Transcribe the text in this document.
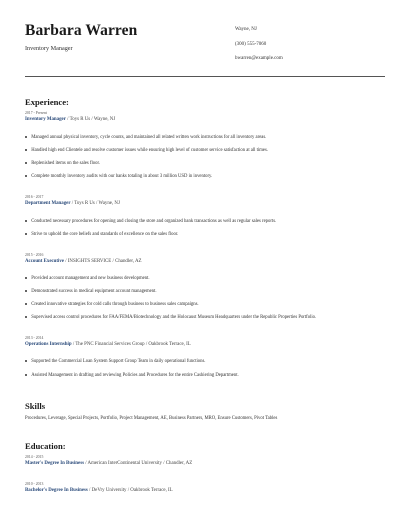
Barbara Warren
Inventory Manager
Wayne, NJ
(300) 555-7060
bwarren@example.com
Experience:
2017 - Present
Inventory Manager / Toys R Us / Wayne, NJ
Managed annual physical inventory, cycle counts, and maintained all related written work instructions for all inventory areas.
Handled high end Clientele and resolve customer issues while ensuring high level of customer service satisfaction at all times.
Replenished items on the sales floor.
Complete monthly inventory audits with our banks totaling in about 3 million USD in inventory.
2016 - 2017
Department Manager / Toys R Us / Wayne, NJ
Conducted necessary procedures for opening and closing the store and organized bank transactions as well as regular sales reports.
Strive to uphold the core beliefs and standards of excellence on the sales floor.
2015 - 2016
Account Executive / INSIGHTS SERVICE / Chandler, AZ
Provided account management and new business development.
Demonstrated success in medical equipment account management.
Created innovative strategies for cold calls through business to business sales campaigns.
Supervised access control procedures for FAA/FEMA/Biotechnology and the Holocaust Museum Headquarters under the Republic Properties Portfolio.
2013 - 2014
Operations Internship / The PNC Financial Services Group / Oakbrook Terrace, IL
Supported the Commercial Loan System Support Group Team in daily operational functions.
Assisted Management in drafting and reviewing Policies and Procedures for the entire Cashiering Department.
Skills
Procedures, Leverage, Special Projects, Portfolio, Project Management, AE, Business Partners, MRO, Ensure Customers, Pivot Tables
Education:
2014 - 2015
Master's Degree In Business / American InterContinental University / Chandler, AZ
2010 - 2013
Bachelor's Degree In Business / DeVry University / Oakbrook Terrace, IL
